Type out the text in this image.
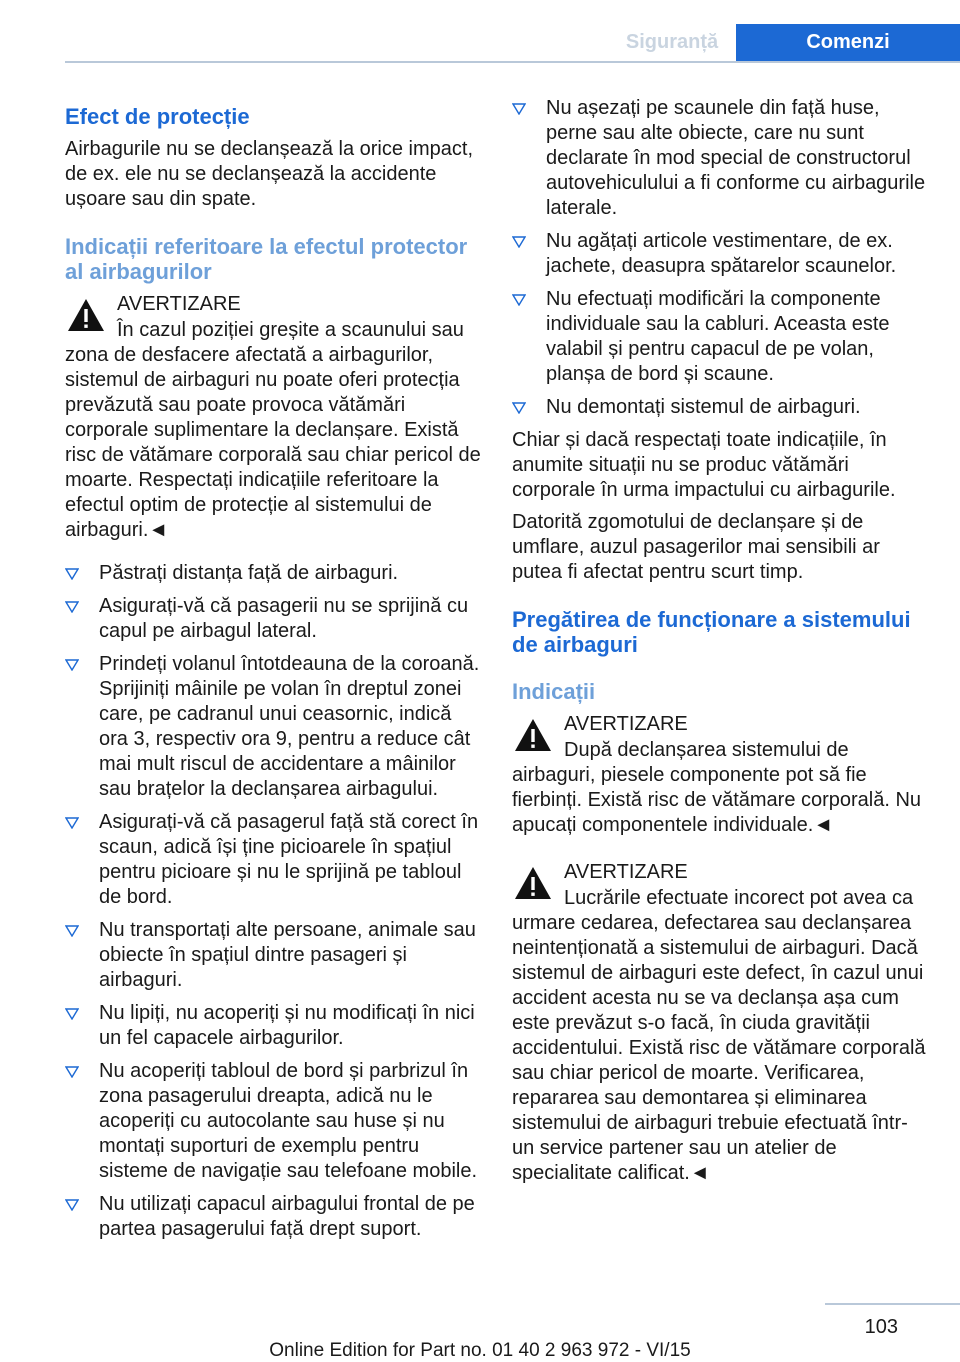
Siguranță	Comenzi
Efect de protecție

Airbagurile nu se declanșează la orice impact, de ex. ele nu se declanșează la accidente ușoare sau din spate.

Indicații referitoare la efectul protector al airbagurilor
AVERTIZARE
În cazul poziției greșite a scaunului sau zona de desfacere afectată a airbagurilor, sistemul de airbaguri nu poate oferi protecția prevăzută sau poate provoca vătămări corporale suplimentare la declanșare. Există risc de vătămare corporală sau chiar pericol de moarte. Respectați indicațiile referitoare la efectul optim de protecție al sistemului de airbaguri.◄
Păstrați distanța față de airbaguri.
Asigurați-vă că pasagerii nu se sprijină cu capul pe airbagul lateral.
Prindeți volanul întotdeauna de la coroană. Sprijiniți mâinile pe volan în dreptul zonei care, pe cadranul unui ceasornic, indică ora 3, respectiv ora 9, pentru a reduce cât mai mult riscul de accidentare a mâinilor sau brațelor la declanșarea airbagului.
Asigurați-vă că pasagerul față stă corect în scaun, adică își ține picioarele în spațiul pentru picioare și nu le sprijină pe tabloul de bord.
Nu transportați alte persoane, animale sau obiecte în spațiul dintre pasageri și airbaguri.
Nu lipiți, nu acoperiți și nu modificați în nici un fel capacele airbagurilor.
Nu acoperiți tabloul de bord și parbrizul în zona pasagerului dreapta, adică nu le acoperiți cu autocolante sau huse și nu montați suporturi de exemplu pentru sisteme de navigație sau telefoane mobile.
Nu utilizați capacul airbagului frontal de pe partea pasagerului față drept suport.
Nu așezați pe scaunele din față huse, perne sau alte obiecte, care nu sunt declarate în mod special de constructorul autovehiculului a fi conforme cu airbagurile laterale.
Nu agățați articole vestimentare, de ex. jachete, deasupra spătarelor scaunelor.
Nu efectuați modificări la componente individuale sau la cabluri. Aceasta este valabil și pentru capacul de pe volan, planșa de bord și scaune.
Nu demontați sistemul de airbaguri.

Chiar și dacă respectați toate indicațiile, în anumite situații nu se produc vătămări corporale în urma impactului cu airbagurile.

Datorită zgomotului de declanșare și de umflare, auzul pasagerilor mai sensibili ar putea fi afectat pentru scurt timp.

Pregătirea de funcționare a sistemului de airbaguri
Indicații
AVERTIZARE
După declanșarea sistemului de airbaguri, piesele componente pot să fie fierbinți. Există risc de vătămare corporală. Nu apucați componentele individuale.◄
AVERTIZARE
Lucrările efectuate incorect pot avea ca urmare cedarea, defectarea sau declanșarea neintenționată a sistemului de airbaguri. Dacă sistemul de airbaguri este defect, în cazul unui accident acesta nu se va declanșa așa cum este prevăzut s-o facă, în ciuda gravității accidentului. Există risc de vătămare corporală sau chiar pericol de moarte. Verificarea, repararea sau demontarea și eliminarea sistemului de airbaguri trebuie efectuată într-un service partener sau un atelier de specialitate calificat.◄
103
Online Edition for Part no. 01 40 2 963 972 - VI/15
